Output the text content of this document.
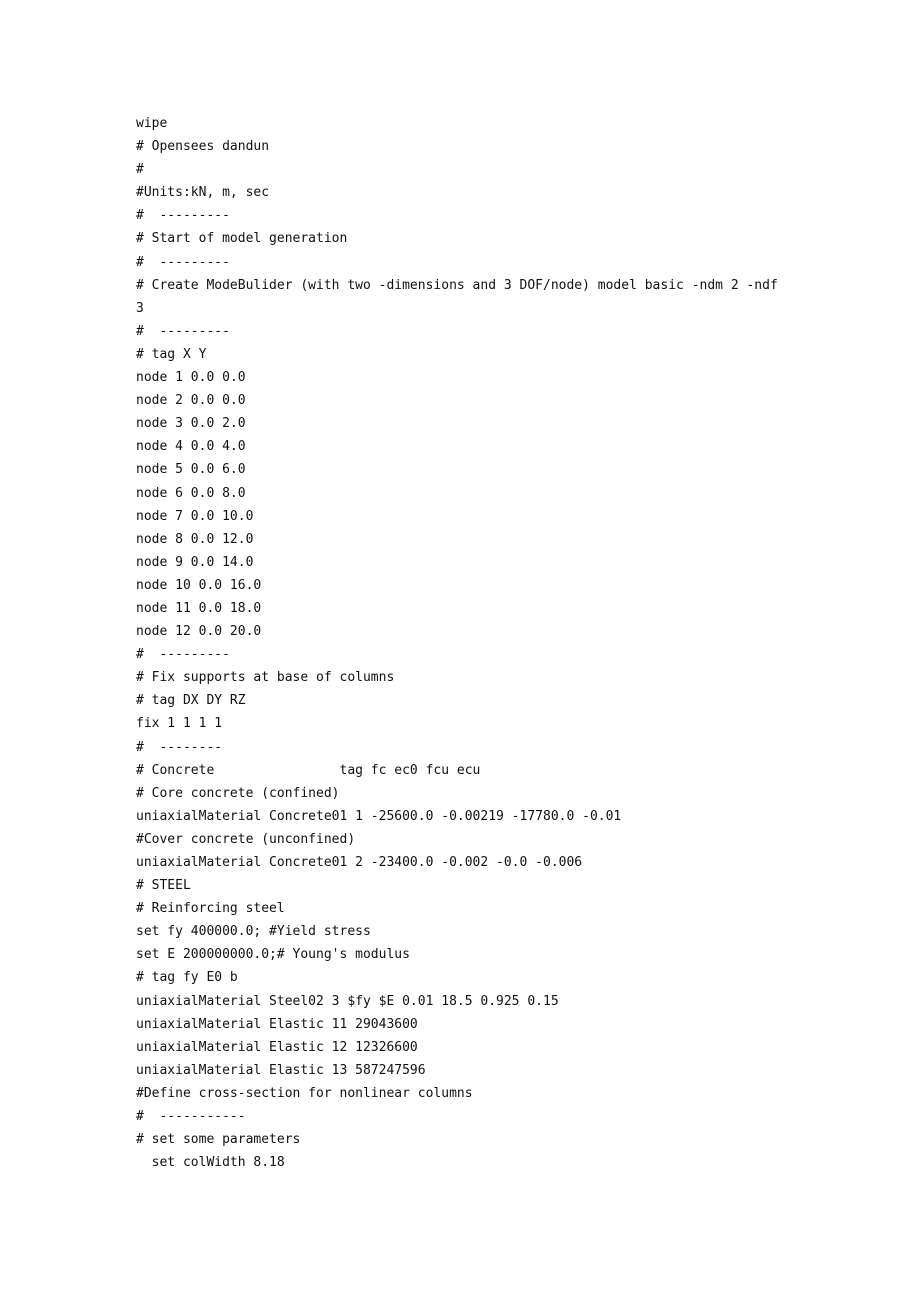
wipe
# Opensees dandun
#
#Units:kN, m, sec
#  ---------
# Start of model generation
#  ---------
# Create ModeBulider (with two -dimensions and 3 DOF/node) model basic -ndm 2 -ndf
3
#  ---------
# tag X Y
node 1 0.0 0.0
node 2 0.0 0.0
node 3 0.0 2.0
node 4 0.0 4.0
node 5 0.0 6.0
node 6 0.0 8.0
node 7 0.0 10.0
node 8 0.0 12.0
node 9 0.0 14.0
node 10 0.0 16.0
node 11 0.0 18.0
node 12 0.0 20.0
#  ---------
# Fix supports at base of columns
# tag DX DY RZ
fix 1 1 1 1
#  --------
# Concrete                tag fc ec0 fcu ecu
# Core concrete (confined)
uniaxialMaterial Concrete01 1 -25600.0 -0.00219 -17780.0 -0.01
#Cover concrete (unconfined)
uniaxialMaterial Concrete01 2 -23400.0 -0.002 -0.0 -0.006
# STEEL
# Reinforcing steel
set fy 400000.0; #Yield stress
set E 200000000.0;# Young's modulus
# tag fy E0 b
uniaxialMaterial Steel02 3 $fy $E 0.01 18.5 0.925 0.15
uniaxialMaterial Elastic 11 29043600
uniaxialMaterial Elastic 12 12326600
uniaxialMaterial Elastic 13 587247596
#Define cross-section for nonlinear columns
#  -----------
# set some parameters
set colWidth 8.18
